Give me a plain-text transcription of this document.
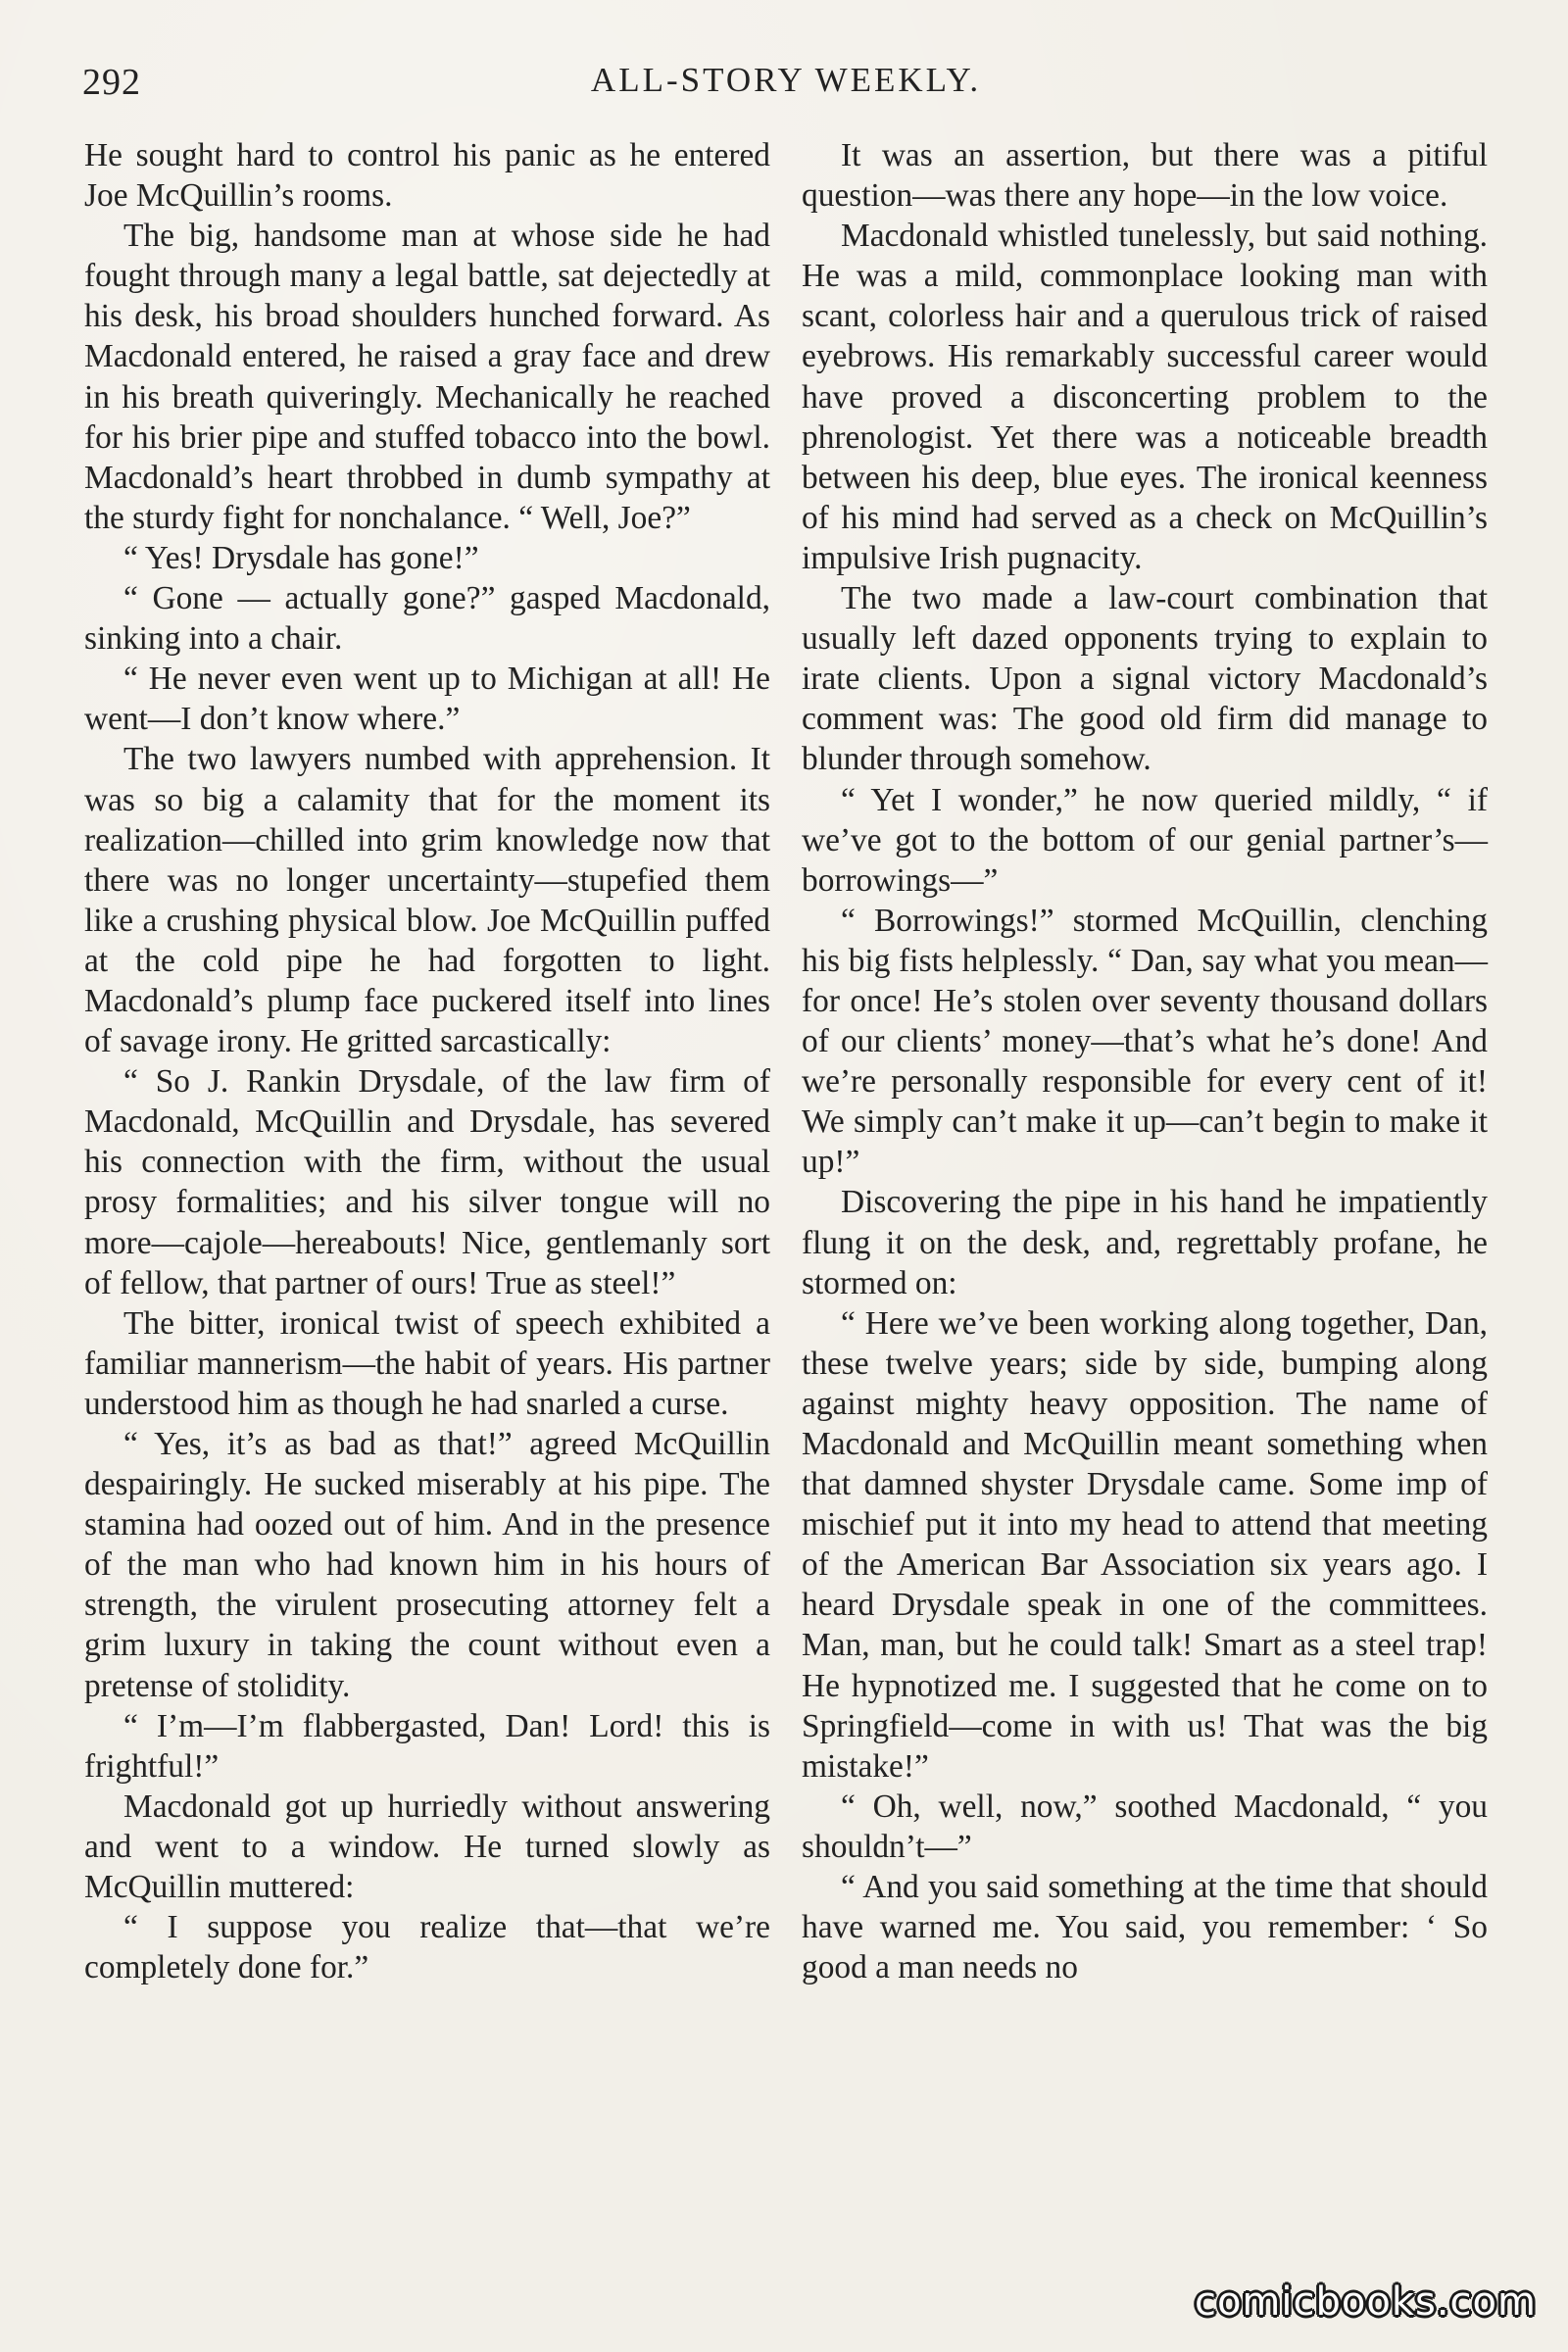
292	ALL-STORY WEEKLY.

He sought hard to control his panic as he entered Joe McQuillin’s rooms.

The big, handsome man at whose side he had fought through many a legal battle, sat dejectedly at his desk, his broad shoulders hunched forward. As Macdonald entered, he raised a gray face and drew in his breath quiveringly. Mechanically he reached for his brier pipe and stuffed tobacco into the bowl. Macdonald’s heart throbbed in dumb sympathy at the sturdy fight for nonchalance. “ Well, Joe?”

“ Yes! Drysdale has gone!”

“ Gone — actually gone?” gasped Macdonald, sinking into a chair.

“ He never even went up to Michigan at all! He went—I don’t know where.”

The two lawyers numbed with apprehension. It was so big a calamity that for the moment its realization—chilled into grim knowledge now that there was no longer uncertainty—stupefied them like a crushing physical blow. Joe McQuillin puffed at the cold pipe he had forgotten to light. Macdonald’s plump face puckered itself into lines of savage irony. He gritted sarcastically:

“ So J. Rankin Drysdale, of the law firm of Macdonald, McQuillin and Drysdale, has severed his connection with the firm, without the usual prosy formalities; and his silver tongue will no more—cajole—hereabouts! Nice, gentlemanly sort of fellow, that partner of ours! True as steel!”

The bitter, ironical twist of speech exhibited a familiar mannerism—the habit of years. His partner understood him as though he had snarled a curse.

“ Yes, it’s as bad as that!” agreed McQuillin despairingly. He sucked miserably at his pipe. The stamina had oozed out of him. And in the presence of the man who had known him in his hours of strength, the virulent prosecuting attorney felt a grim luxury in taking the count without even a pretense of stolidity.

“ I’m—I’m flabbergasted, Dan! Lord! this is frightful!”

Macdonald got up hurriedly without answering and went to a window. He turned slowly as McQuillin muttered:

“ I suppose you realize that—that we’re completely done for.”

It was an assertion, but there was a pitiful question—was there any hope—in the low voice.

Macdonald whistled tunelessly, but said nothing. He was a mild, commonplace looking man with scant, colorless hair and a querulous trick of raised eyebrows. His remarkably successful career would have proved a disconcerting problem to the phrenologist. Yet there was a noticeable breadth between his deep, blue eyes. The ironical keenness of his mind had served as a check on McQuillin’s impulsive Irish pugnacity.

The two made a law-court combination that usually left dazed opponents trying to explain to irate clients. Upon a signal victory Macdonald’s comment was: The good old firm did manage to blunder through somehow.

“ Yet I wonder,” he now queried mildly, “ if we’ve got to the bottom of our genial partner’s—borrowings—”

“ Borrowings!” stormed McQuillin, clenching his big fists helplessly. “ Dan, say what you mean—for once! He’s stolen over seventy thousand dollars of our clients’ money—that’s what he’s done! And we’re personally responsible for every cent of it! We simply can’t make it up—can’t begin to make it up!”

Discovering the pipe in his hand he impatiently flung it on the desk, and, regrettably profane, he stormed on:

“ Here we’ve been working along together, Dan, these twelve years; side by side, bumping along against mighty heavy opposition. The name of Macdonald and McQuillin meant something when that damned shyster Drysdale came. Some imp of mischief put it into my head to attend that meeting of the American Bar Association six years ago. I heard Drysdale speak in one of the committees. Man, man, but he could talk! Smart as a steel trap! He hypnotized me. I suggested that he come on to Springfield—come in with us! That was the big mistake!”

“ Oh, well, now,” soothed Macdonald, “ you shouldn’t—”

“ And you said something at the time that should have warned me. You said, you remember: ‘ So good a man needs no

comicbooks.com
